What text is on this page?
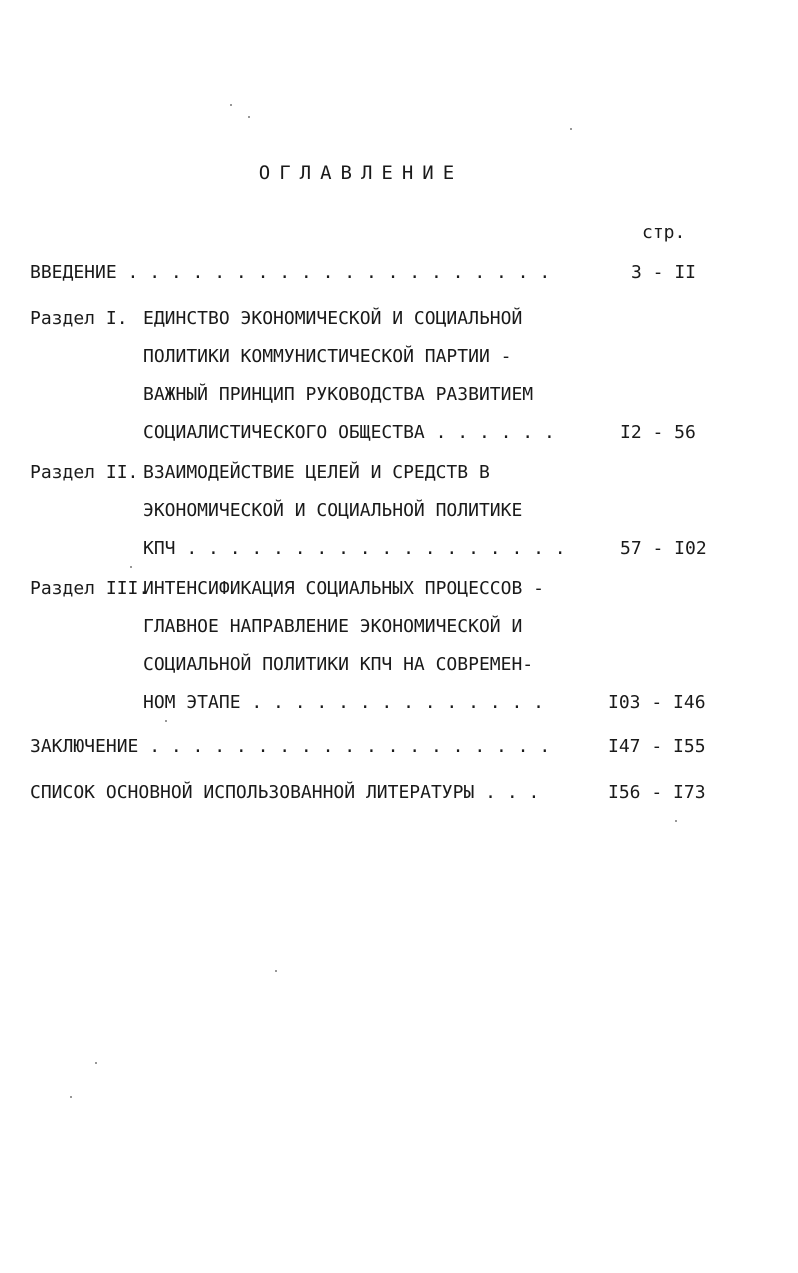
ОГЛАВЛЕНИЕ
стр.
ВВЕДЕНИЕ . . . . . . . . . . . . . . . . . . . .	3 - II
Раздел I. ЕДИНСТВО ЭКОНОМИЧЕСКОЙ И СОЦИАЛЬНОЙ
ПОЛИТИКИ КОММУНИСТИЧЕСКОЙ ПАРТИИ -
ВАЖНЫЙ ПРИНЦИП РУКОВОДСТВА РАЗВИТИЕМ
СОЦИАЛИСТИЧЕСКОГО ОБЩЕСТВА . . . . . .	I2 - 56
Раздел II. ВЗАИМОДЕЙСТВИЕ ЦЕЛЕЙ И СРЕДСТВ В
ЭКОНОМИЧЕСКОЙ И СОЦИАЛЬНОЙ ПОЛИТИКЕ
КПЧ . . . . . . . . . . . . . . . . . .	57 - I02
Раздел III.
ИНТЕНСИФИКАЦИЯ СОЦИАЛЬНЫХ ПРОЦЕССОВ -
ГЛАВНОЕ НАПРАВЛЕНИЕ ЭКОНОМИЧЕСКОЙ И
СОЦИАЛЬНОЙ ПОЛИТИКИ КПЧ НА СОВРЕМЕН-
НОМ ЭТАПЕ . . . . . . . . . . . . . .	I03 - I46
ЗАКЛЮЧЕНИЕ . . . . . . . . . . . . . . . . . . .	I47 - I55
СПИСОК ОСНОВНОЙ ИСПОЛЬЗОВАННОЙ ЛИТЕРАТУРЫ . . .	I56 - I73
